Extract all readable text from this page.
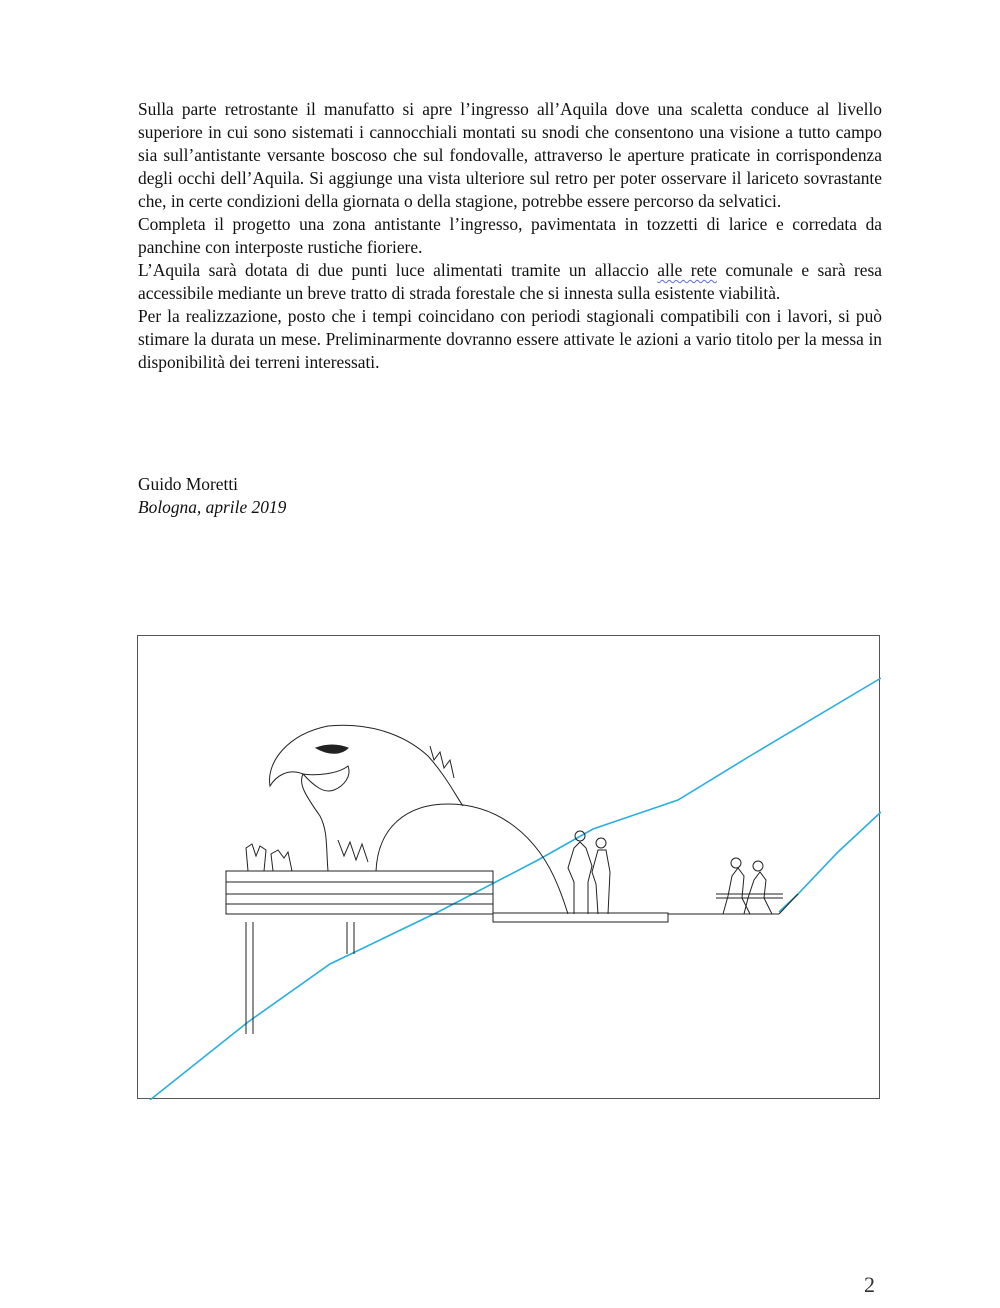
Sulla parte retrostante il manufatto si apre l’ingresso all’Aquila dove una scaletta conduce al livello superiore in cui sono sistemati i cannocchiali montati su snodi che consentono una visione a tutto campo sia sull’antistante versante boscoso che sul fondovalle, attraverso le aperture praticate in corrispondenza degli occhi dell’Aquila. Si aggiunge una vista ulteriore sul retro per poter osservare il lariceto sovrastante che, in certe condizioni della giornata o della stagione, potrebbe essere percorso da selvatici.

Completa il progetto una zona antistante l’ingresso, pavimentata in tozzetti di larice e corredata da panchine con interposte rustiche fioriere.

L’Aquila sarà dotata di due punti luce alimentati tramite un allaccio alle rete comunale e sarà resa accessibile mediante un breve tratto di strada forestale che si innesta sulla esistente viabilità.

Per la realizzazione, posto che i tempi coincidano con periodi stagionali compatibili con i lavori, si può stimare la durata un mese. Preliminarmente dovranno essere attivate le azioni a vario titolo per la messa in disponibilità dei terreni interessati.

Guido Moretti
Bologna, aprile 2019
2
